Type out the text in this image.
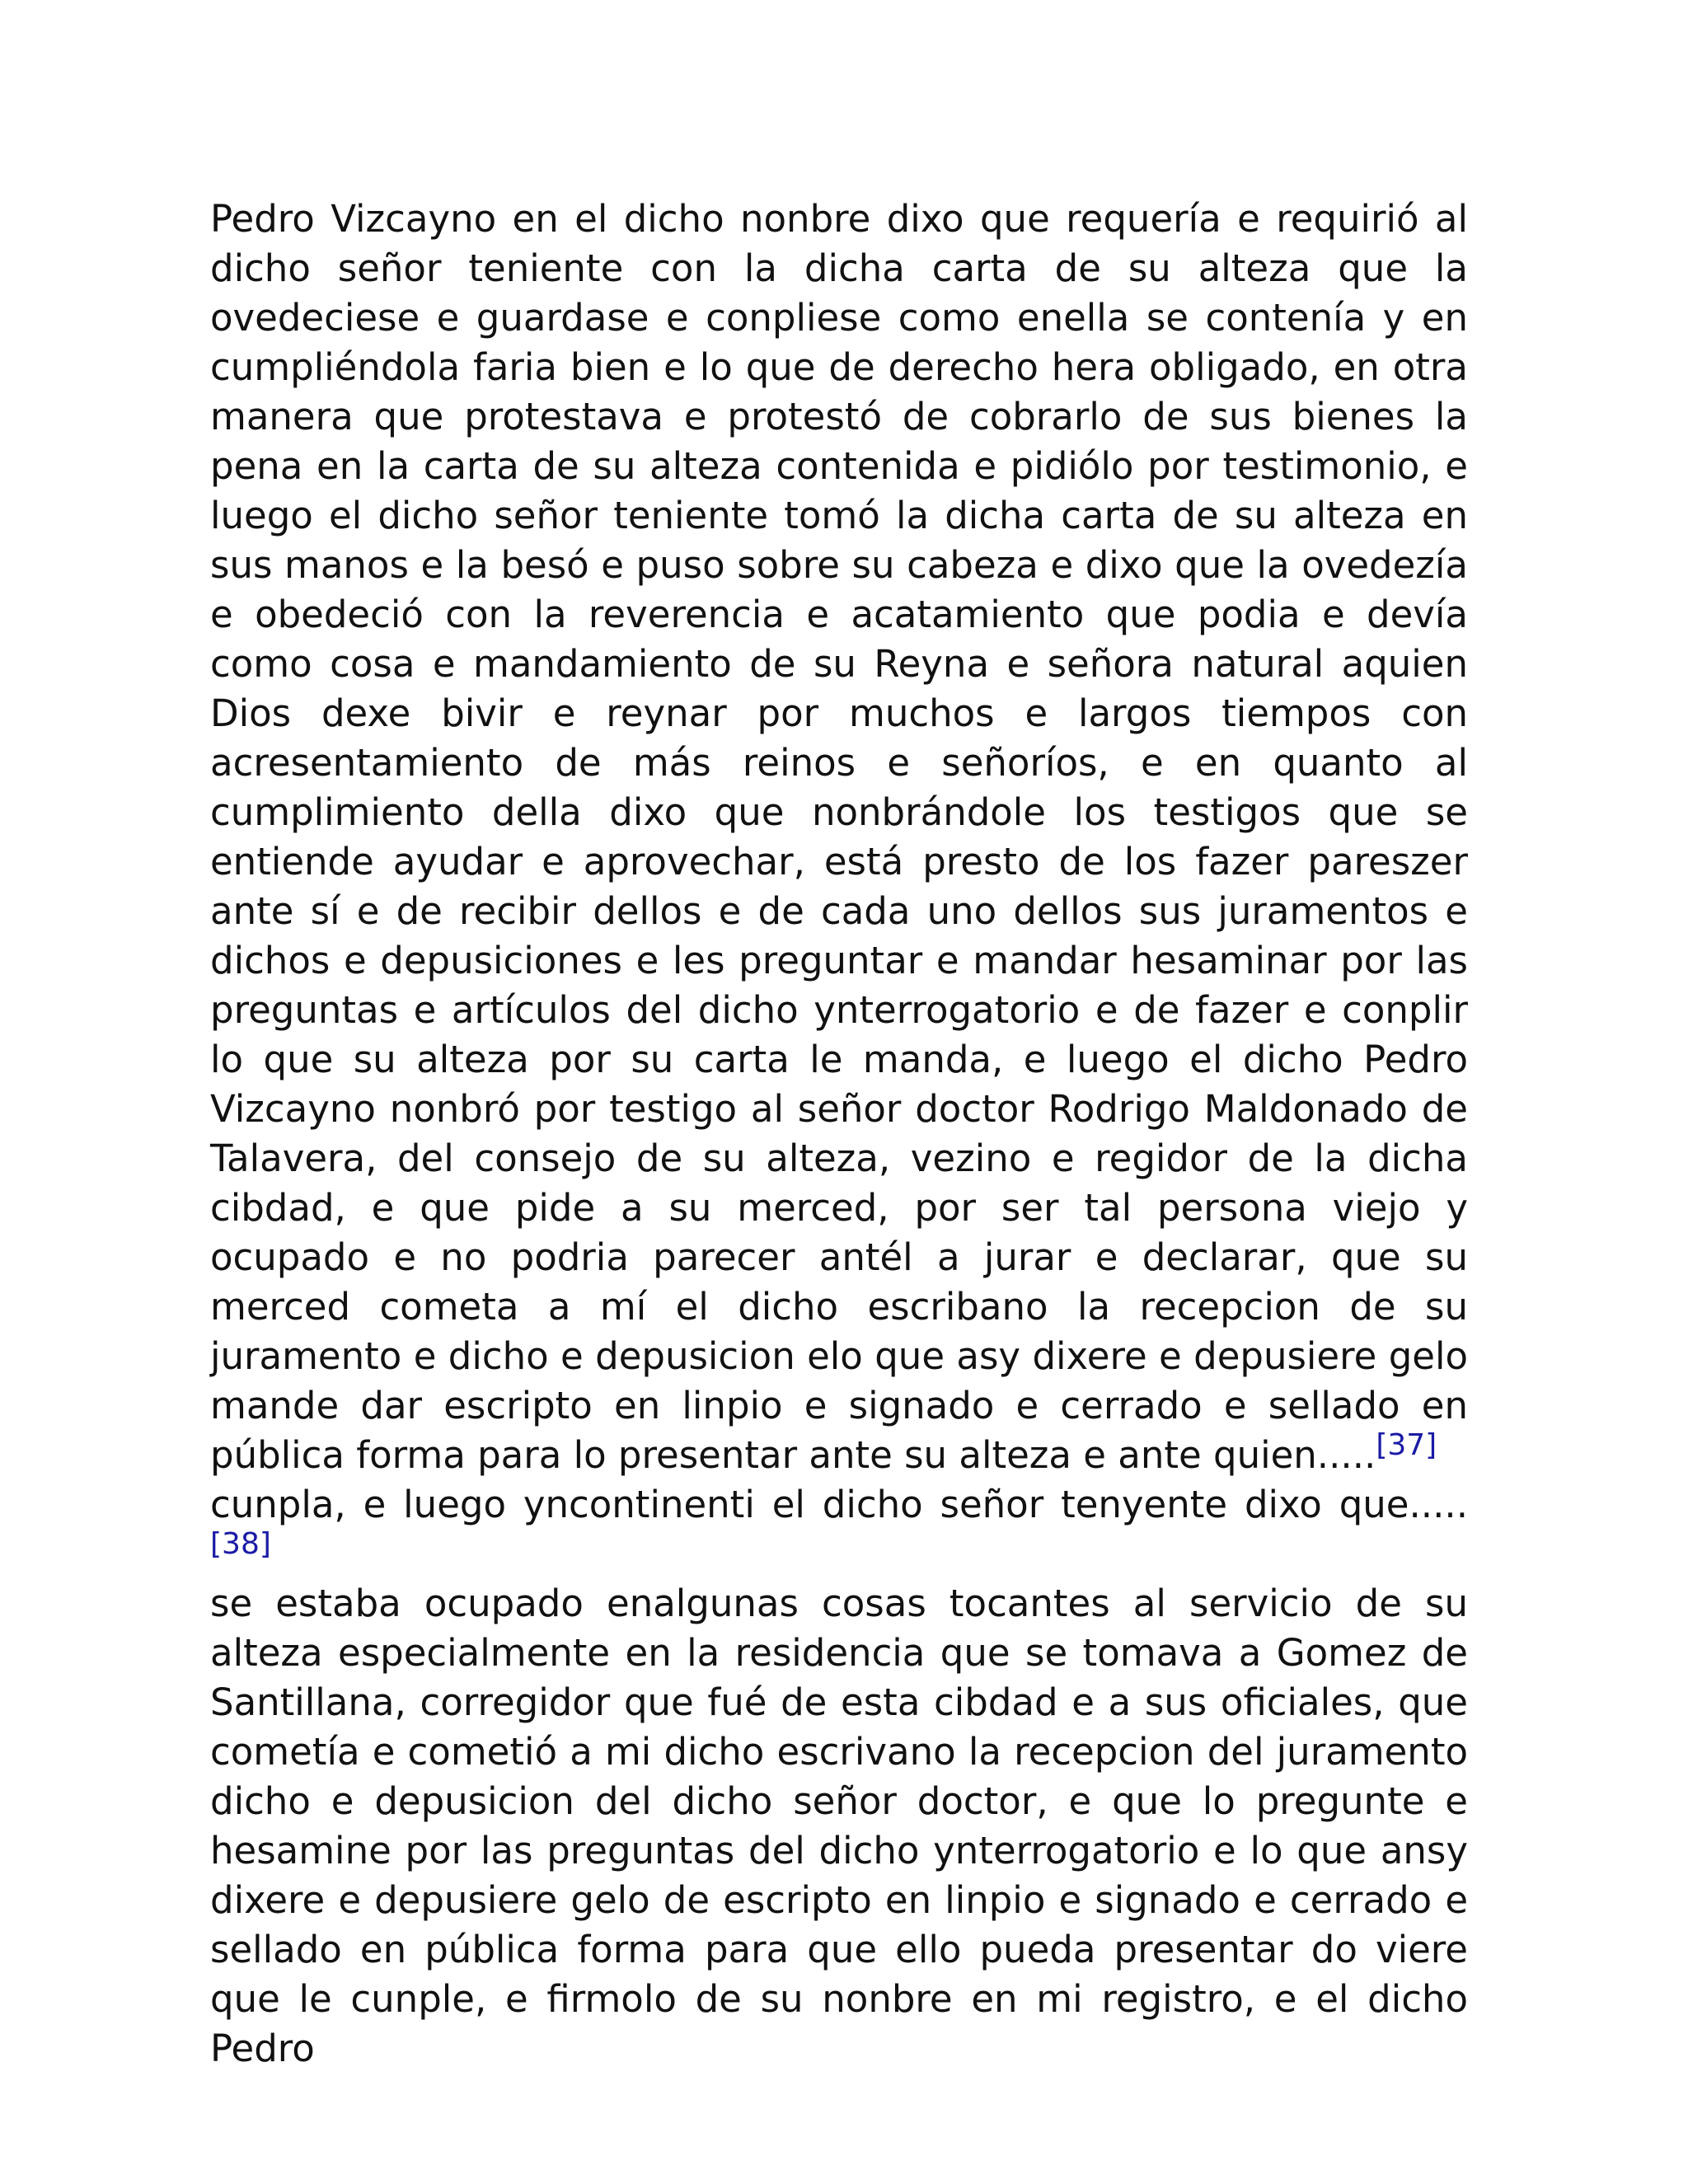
Pedro Vizcayno en el dicho nonbre dixo que requería e requirió al dicho señor teniente con la dicha carta de su alteza que la ovedeciese e guardase e conpliese como enella se contenía y en cumpliéndola faria bien e lo que de derecho hera obligado, en otra manera que protestava e protestó de cobrarlo de sus bienes la pena en la carta de su alteza contenida e pidiólo por testimonio, e luego el dicho señor teniente tomó la dicha carta de su alteza en sus manos e la besó e puso sobre su cabeza e dixo que la ovedezía e obedeció con la reverencia e acatamiento que podia e devía como cosa e mandamiento de su Reyna e señora natural aquien Dios dexe bivir e reynar por muchos e largos tiempos con acresentamiento de más reinos e señoríos, e en quanto al cumplimiento della dixo que nonbrándole los testigos que se entiende ayudar e aprovechar, está presto de los fazer pareszer ante sí e de recibir dellos e de cada uno dellos sus juramentos e dichos e depusiciones e les preguntar e mandar hesaminar por las preguntas e artículos del dicho ynterrogatorio e de fazer e conplir lo que su alteza por su carta le manda, e luego el dicho Pedro Vizcayno nonbró por testigo al señor doctor Rodrigo Maldonado de Talavera, del consejo de su alteza, vezino e regidor de la dicha cibdad, e que pide a su merced, por ser tal persona viejo y ocupado e no podria parecer antél a jurar e declarar, que su merced cometa a mí el dicho escribano la recepcion de su juramento e dicho e depusicion elo que asy dixere e depusiere gelo mande dar escripto en linpio e signado e cerrado e sellado en pública forma para lo presentar ante su alteza e ante quien.....[37]

cunpla, e luego yncontinenti el dicho señor tenyente dixo que.....[38]

se estaba ocupado enalgunas cosas tocantes al servicio de su alteza especialmente en la residencia que se tomava a Gomez de Santillana, corregidor que fué de esta cibdad e a sus oficiales, que cometía e cometió a mi dicho escrivano la recepcion del juramento dicho e depusicion del dicho señor doctor, e que lo pregunte e hesamine por las preguntas del dicho ynterrogatorio e lo que ansy dixere e depusiere gelo de escripto en linpio e signado e cerrado e sellado en pública forma para que ello pueda presentar do viere que le cunple, e firmolo de su nonbre en mi registro, e el dicho Pedro
